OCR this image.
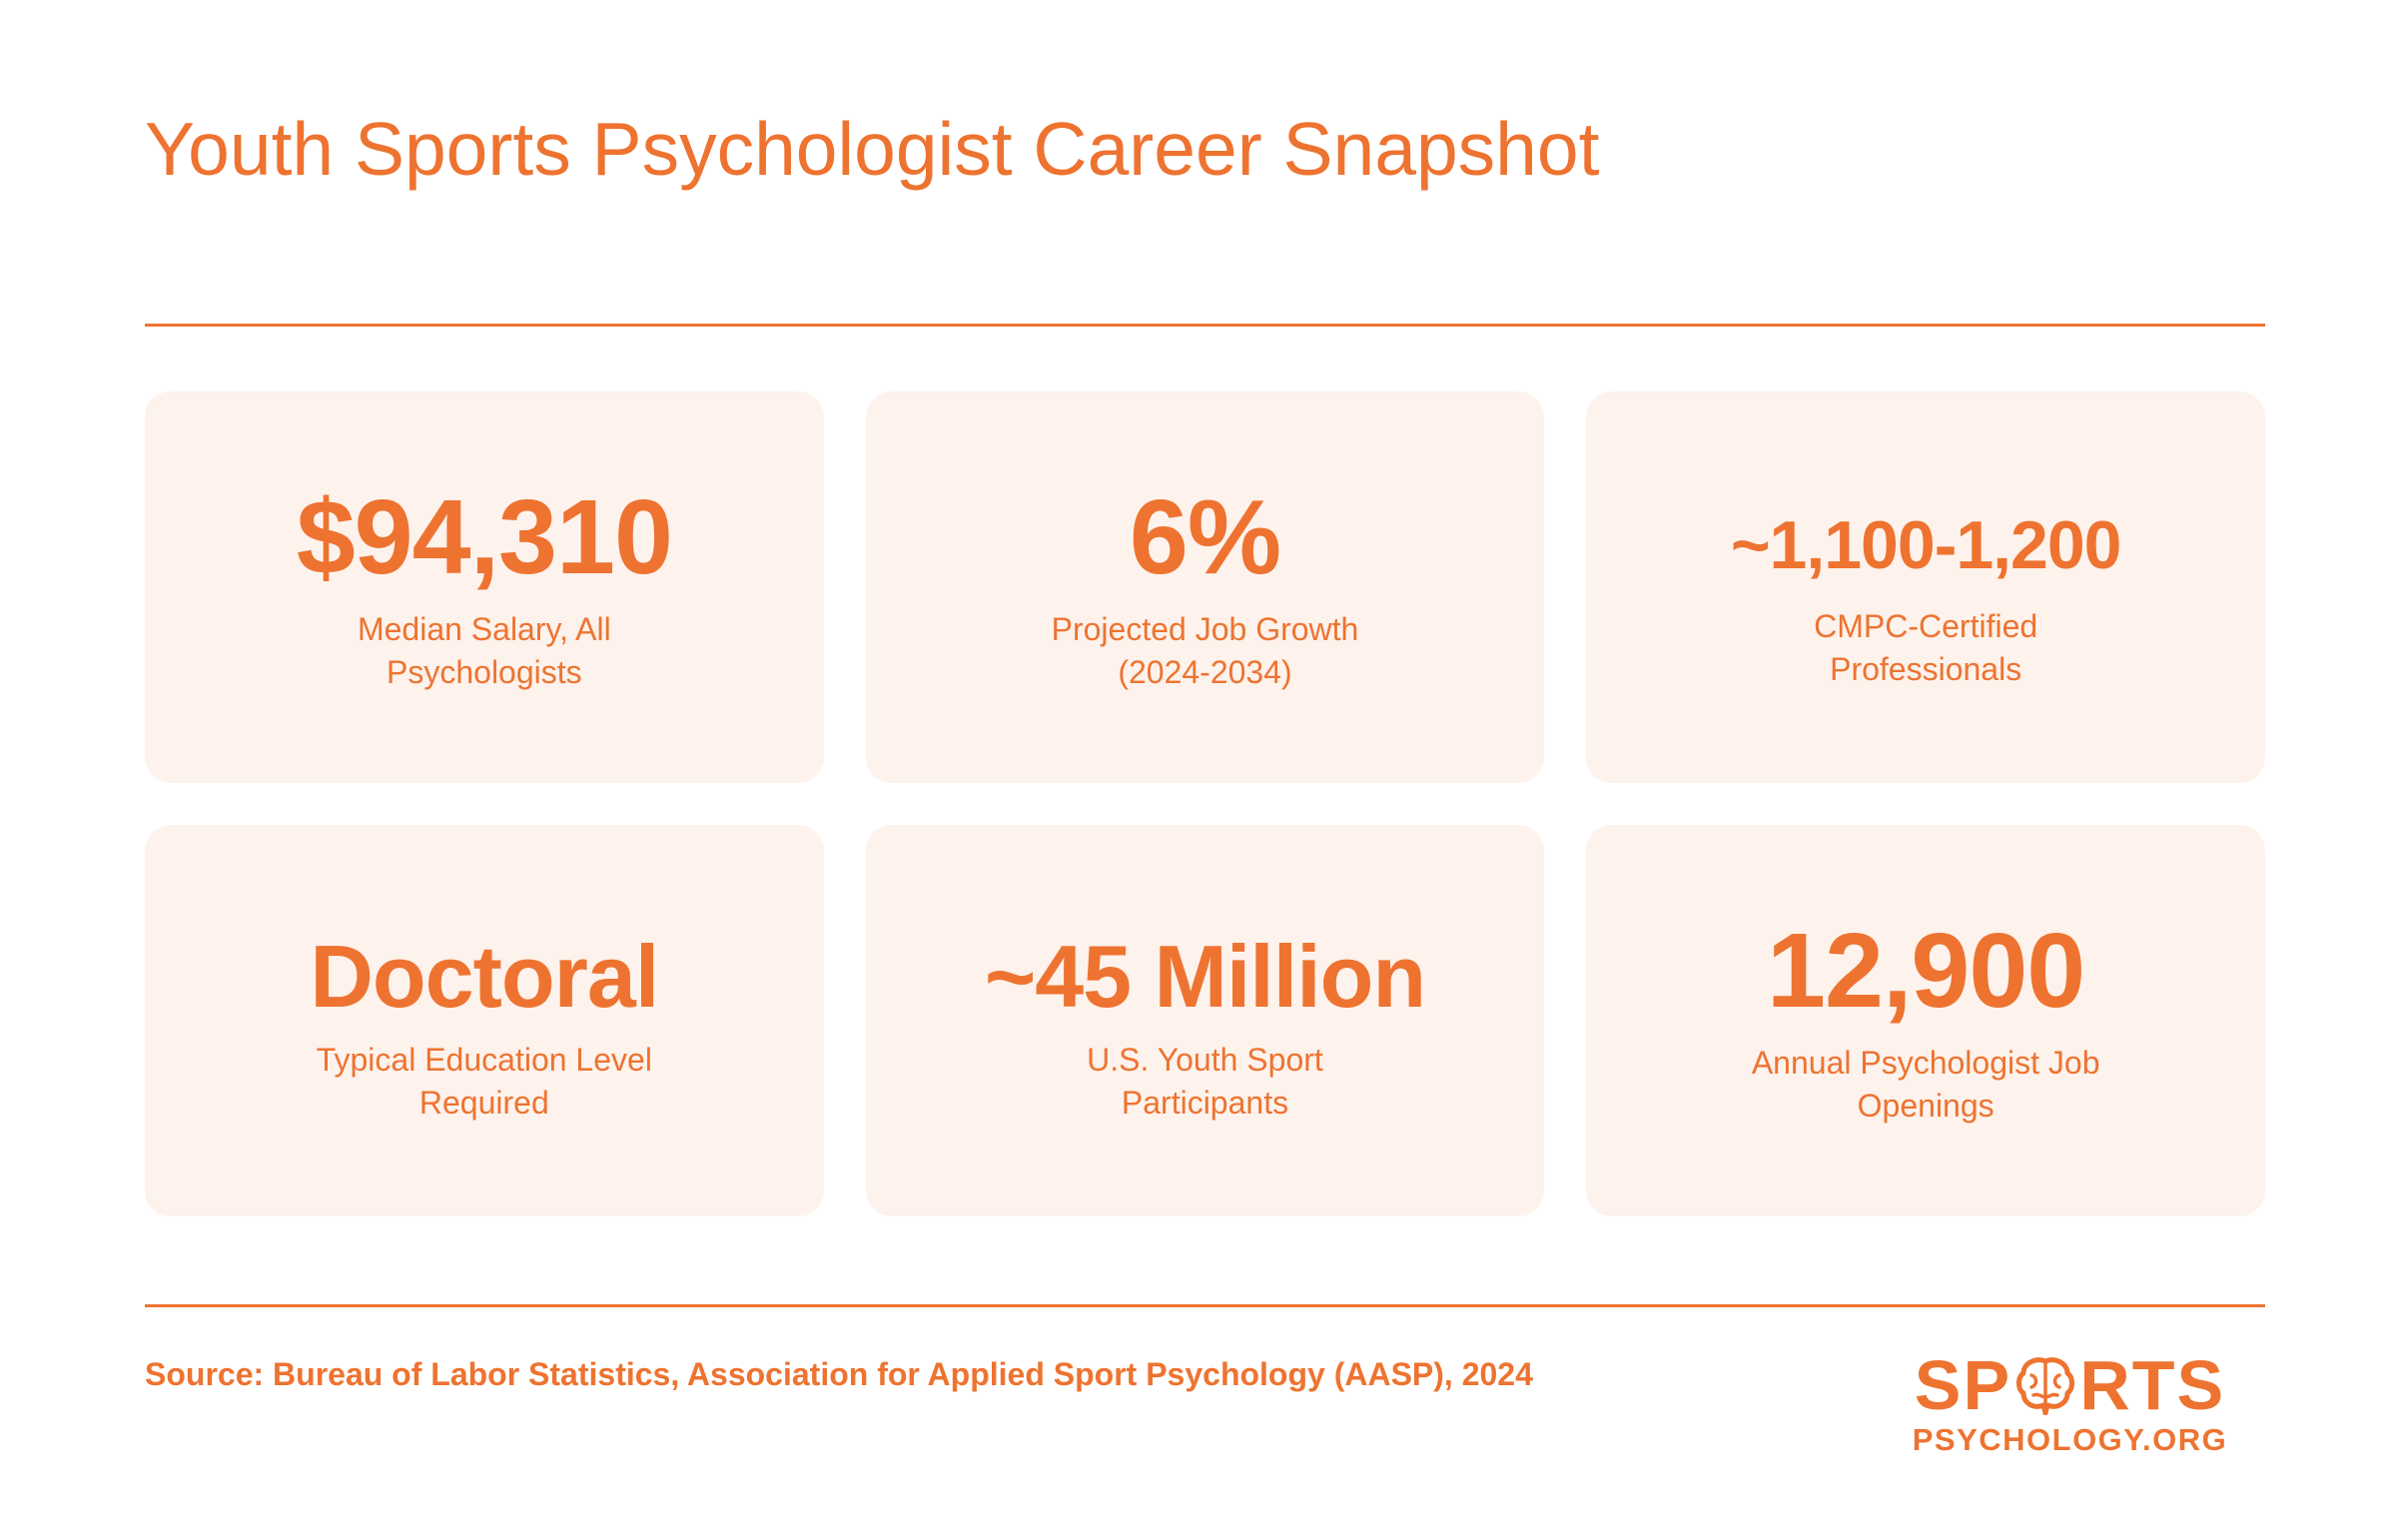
Youth Sports Psychologist Career Snapshot
$94,310
Median Salary, All Psychologists
6%
Projected Job Growth (2024-2034)
~1,100-1,200
CMPC-Certified Professionals
Doctoral
Typical Education Level Required
~45 Million
U.S. Youth Sport Participants
12,900
Annual Psychologist Job Openings
Source: Bureau of Labor Statistics, Association for Applied Sport Psychology (AASP), 2024	SP RTS
PSYCHOLOGY.ORG
